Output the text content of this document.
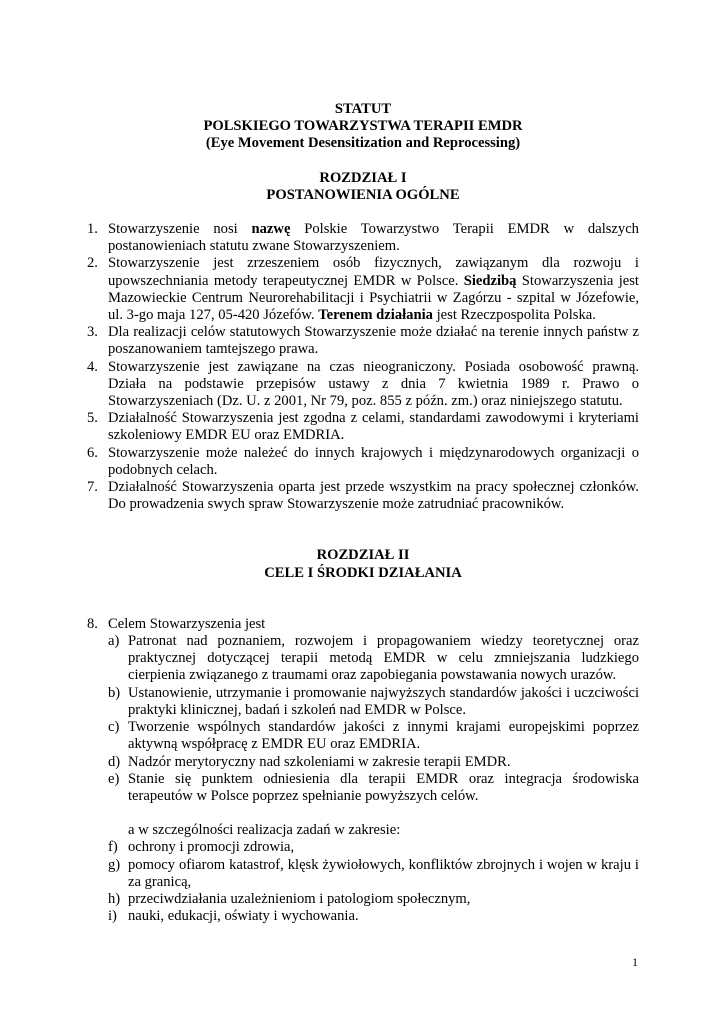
STATUT
POLSKIEGO TOWARZYSTWA TERAPII EMDR
(Eye Movement Desensitization and Reprocessing)
ROZDZIAŁ I
POSTANOWIENIA OGÓLNE
1. Stowarzyszenie nosi nazwę Polskie Towarzystwo Terapii EMDR w dalszych postanowieniach statutu zwane Stowarzyszeniem.
2. Stowarzyszenie jest zrzeszeniem osób fizycznych, zawiązanym dla rozwoju i upowszechniania metody terapeutycznej EMDR w Polsce. Siedzibą Stowarzyszenia jest Mazowieckie Centrum Neurorehabilitacji i Psychiatrii w Zagórzu - szpital w Józefowie, ul. 3-go maja 127, 05-420 Józefów. Terenem działania jest Rzeczpospolita Polska.
3. Dla realizacji celów statutowych Stowarzyszenie może działać na terenie innych państw z poszanowaniem tamtejszego prawa.
4. Stowarzyszenie jest zawiązane na czas nieograniczony. Posiada osobowość prawną. Działa na podstawie przepisów ustawy z dnia 7 kwietnia 1989 r. Prawo o Stowarzyszeniach (Dz. U. z 2001, Nr 79, poz. 855 z późn. zm.) oraz niniejszego statutu.
5. Działalność Stowarzyszenia jest zgodna z celami, standardami zawodowymi i kryteriami szkoleniowy EMDR EU oraz EMDRIA.
6. Stowarzyszenie może należeć do innych krajowych i międzynarodowych organizacji o podobnych celach.
7. Działalność Stowarzyszenia oparta jest przede wszystkim na pracy społecznej członków. Do prowadzenia swych spraw Stowarzyszenie może zatrudniać pracowników.
ROZDZIAŁ II
CELE I ŚRODKI DZIAŁANIA
8. Celem Stowarzyszenia jest
a) Patronat nad poznaniem, rozwojem i propagowaniem wiedzy teoretycznej oraz praktycznej dotyczącej terapii metodą EMDR w celu zmniejszania ludzkiego cierpienia związanego z traumami oraz zapobiegania powstawania nowych urazów.
b) Ustanowienie, utrzymanie i promowanie najwyższych standardów jakości i uczciwości praktyki klinicznej, badań i szkoleń nad EMDR w Polsce.
c) Tworzenie wspólnych standardów jakości z innymi krajami europejskimi poprzez aktywną współpracę z EMDR EU oraz EMDRIA.
d) Nadzór merytoryczny nad szkoleniami w zakresie terapii EMDR.
e) Stanie się punktem odniesienia dla terapii EMDR oraz integracja środowiska terapeutów w Polsce poprzez spełnianie powyższych celów.
a w szczególności realizacja zadań w zakresie:
f) ochrony i promocji zdrowia,
g) pomocy ofiarom katastrof, klęsk żywiołowych, konfliktów zbrojnych i wojen w kraju i za granicą,
h) przeciwdziałania uzależnieniom i patologiom społecznym,
i) nauki, edukacji, oświaty i wychowania.
1
